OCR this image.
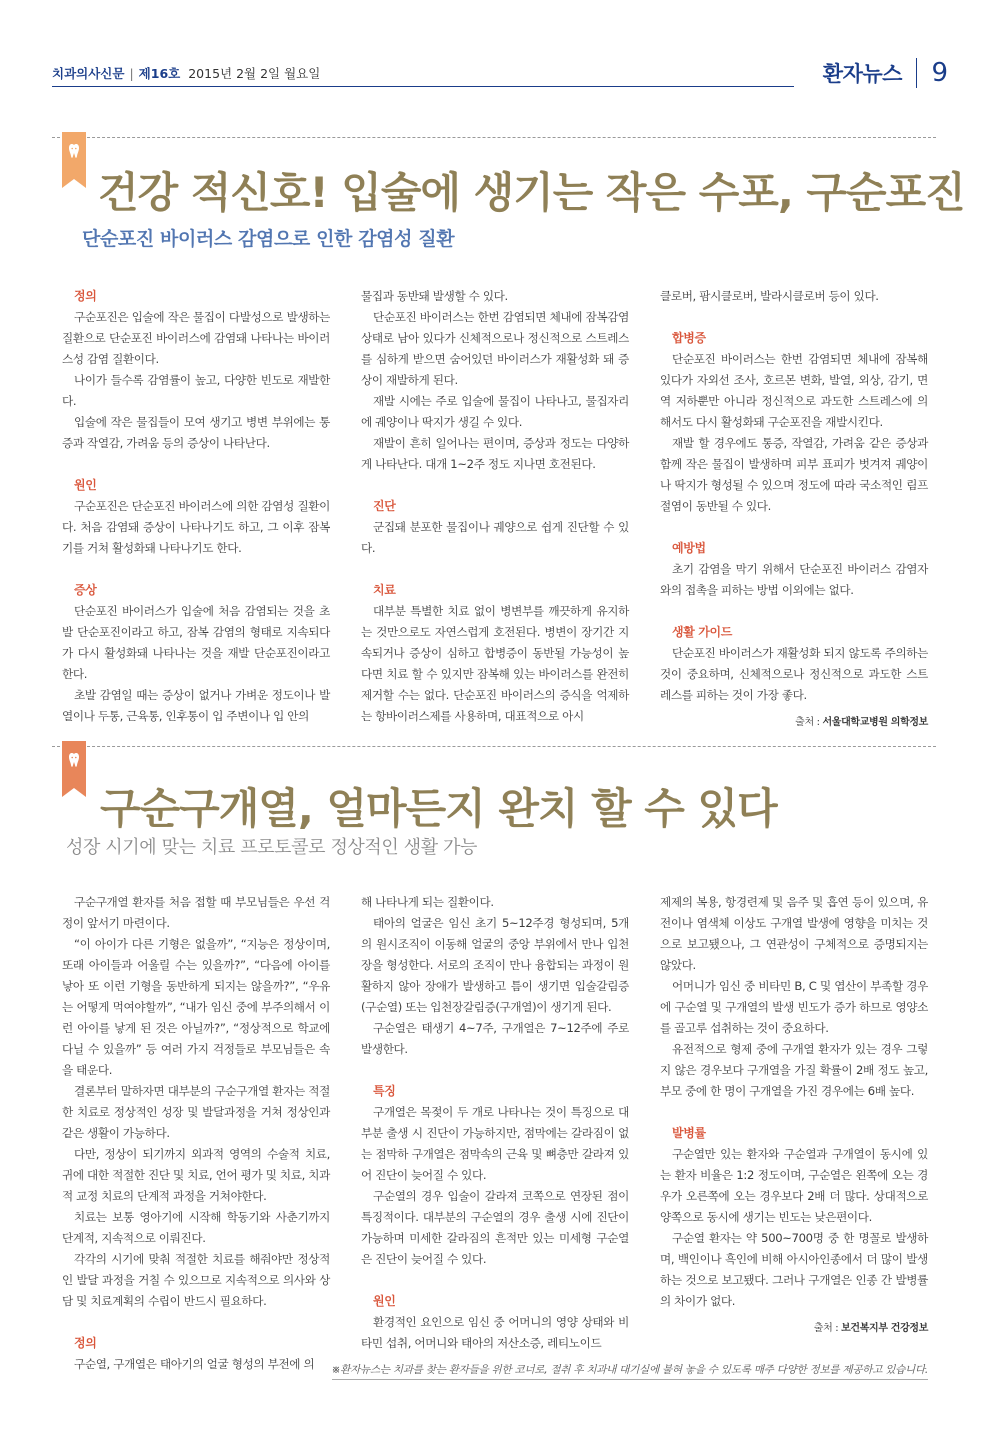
치과의사신문 | 제16호 2015년 2월 2일 월요일	환자뉴스 9
건강 적신호! 입술에 생기는 작은 수포, 구순포진
단순포진 바이러스 감염으로 인한 감염성 질환

정의

구순포진은 입술에 작은 물집이 다발성으로 발생하는 질환으로 단순포진 바이러스에 감염돼 나타나는 바이러스성 감염 질환이다.

나이가 들수록 감염률이 높고, 다양한 빈도로 재발한다.

입술에 작은 물집들이 모여 생기고 병변 부위에는 통증과 작열감, 가려움 등의 증상이 나타난다.

원인

구순포진은 단순포진 바이러스에 의한 감염성 질환이다. 처음 감염돼 증상이 나타나기도 하고, 그 이후 잠복기를 거쳐 활성화돼 나타나기도 한다.

증상

단순포진 바이러스가 입술에 처음 감염되는 것을 초발 단순포진이라고 하고, 잠복 감염의 형태로 지속되다가 다시 활성화돼 나타나는 것을 재발 단순포진이라고 한다.

초발 감염일 때는 증상이 없거나 가벼운 정도이나 발열이나 두통, 근육통, 인후통이 입 주변이나 입 안의

물집과 동반돼 발생할 수 있다.

단순포진 바이러스는 한번 감염되면 체내에 잠복감염 상태로 남아 있다가 신체적으로나 정신적으로 스트레스를 심하게 받으면 숨어있던 바이러스가 재활성화 돼 증상이 재발하게 된다.

재발 시에는 주로 입술에 물집이 나타나고, 물집자리에 궤양이나 딱지가 생길 수 있다.

재발이 흔히 일어나는 편이며, 증상과 정도는 다양하게 나타난다. 대개 1~2주 정도 지나면 호전된다.

진단

군집돼 분포한 물집이나 궤양으로 쉽게 진단할 수 있다.

치료

대부분 특별한 치료 없이 병변부를 깨끗하게 유지하는 것만으로도 자연스럽게 호전된다. 병변이 장기간 지속되거나 증상이 심하고 합병증이 동반될 가능성이 높다면 치료 할 수 있지만 잠복해 있는 바이러스를 완전히 제거할 수는 없다. 단순포진 바이러스의 증식을 억제하는 항바이러스제를 사용하며, 대표적으로 아시

클로버, 팜시클로버, 발라시클로버 등이 있다.

합병증

단순포진 바이러스는 한번 감염되면 체내에 잠복해 있다가 자외선 조사, 호르몬 변화, 발열, 외상, 감기, 면역 저하뿐만 아니라 정신적으로 과도한 스트레스에 의해서도 다시 활성화돼 구순포진을 재발시킨다.

재발 할 경우에도 통증, 작열감, 가려움 같은 증상과 함께 작은 물집이 발생하며 피부 표피가 벗겨져 궤양이나 딱지가 형성될 수 있으며 정도에 따라 국소적인 림프절염이 동반될 수 있다.

예방법

초기 감염을 막기 위해서 단순포진 바이러스 감염자와의 접촉을 피하는 방법 이외에는 없다.

생활 가이드

단순포진 바이러스가 재활성화 되지 않도록 주의하는 것이 중요하며, 신체적으로나 정신적으로 과도한 스트레스를 피하는 것이 가장 좋다.

출처 : 서울대학교병원 의학정보

구순구개열, 얼마든지 완치 할 수 있다
성장 시기에 맞는 치료 프로토콜로 정상적인 생활 가능

구순구개열 환자를 처음 접할 때 부모님들은 우선 걱정이 앞서기 마련이다.

“이 아이가 다른 기형은 없을까”, “지능은 정상이며, 또래 아이들과 어울릴 수는 있을까?”, “다음에 아이를 낳아 또 이런 기형을 동반하게 되지는 않을까?”, “우유는 어떻게 먹여야할까”, “내가 임신 중에 부주의해서 이런 아이를 낳게 된 것은 아닐까?”, “정상적으로 학교에 다닐 수 있을까” 등 여러 가지 걱정들로 부모님들은 속을 태운다.

결론부터 말하자면 대부분의 구순구개열 환자는 적절한 치료로 정상적인 성장 및 발달과정을 거쳐 정상인과 같은 생활이 가능하다.

다만, 정상이 되기까지 외과적 영역의 수술적 치료, 귀에 대한 적절한 진단 및 치료, 언어 평가 및 치료, 치과적 교정 치료의 단계적 과정을 거쳐야한다.

치료는 보통 영아기에 시작해 학동기와 사춘기까지 단계적, 지속적으로 이뤄진다.

각각의 시기에 맞춰 적절한 치료를 해줘야만 정상적인 발달 과정을 거칠 수 있으므로 지속적으로 의사와 상담 및 치료계획의 수립이 반드시 필요하다.

정의

구순열, 구개열은 태아기의 얼굴 형성의 부전에 의

해 나타나게 되는 질환이다.

태아의 얼굴은 임신 초기 5~12주경 형성되며, 5개의 원시조직이 이동해 얼굴의 중앙 부위에서 만나 입천장을 형성한다. 서로의 조직이 만나 융합되는 과정이 원활하지 않아 장애가 발생하고 틈이 생기면 입술갈림증(구순열) 또는 입천장갈림증(구개열)이 생기게 된다.

구순열은 태생기 4~7주, 구개열은 7~12주에 주로 발생한다.

특징

구개열은 목젖이 두 개로 나타나는 것이 특징으로 대부분 출생 시 진단이 가능하지만, 점막에는 갈라짐이 없는 점막하 구개열은 점막속의 근육 및 뼈층만 갈라져 있어 진단이 늦어질 수 있다.

구순열의 경우 입술이 갈라져 코쪽으로 연장된 점이 특징적이다. 대부분의 구순열의 경우 출생 시에 진단이 가능하며 미세한 갈라짐의 흔적만 있는 미세형 구순열은 진단이 늦어질 수 있다.

원인

환경적인 요인으로 임신 중 어머니의 영양 상태와 비타민 섭취, 어머니와 태아의 저산소증, 레티노이드

제제의 복용, 항경련제 및 음주 및 흡연 등이 있으며, 유전이나 염색체 이상도 구개열 발생에 영향을 미치는 것으로 보고됐으나, 그 연관성이 구체적으로 증명되지는 않았다.

어머니가 임신 중 비타민 B, C 및 엽산이 부족할 경우에 구순열 및 구개열의 발생 빈도가 증가 하므로 영양소를 골고루 섭취하는 것이 중요하다.

유전적으로 형제 중에 구개열 환자가 있는 경우 그렇지 않은 경우보다 구개열을 가질 확률이 2배 정도 높고, 부모 중에 한 명이 구개열을 가진 경우에는 6배 높다.

발병률

구순열만 있는 환자와 구순열과 구개열이 동시에 있는 환자 비율은 1:2 정도이며, 구순열은 왼쪽에 오는 경우가 오른쪽에 오는 경우보다 2배 더 많다. 상대적으로 양쪽으로 동시에 생기는 빈도는 낮은편이다.

구순열 환자는 약 500~700명 중 한 명꼴로 발생하며, 백인이나 흑인에 비해 아시아인종에서 더 많이 발생하는 것으로 보고됐다. 그러나 구개열은 인종 간 발병률의 차이가 없다.

출처 : 보건복지부 건강정보

※환자뉴스는 치과를 찾는 환자들을 위한 코너로, 절취 후 치과내 대기실에 불혀 놓을 수 있도록 매주 다양한 정보를 제공하고 있습니다.
